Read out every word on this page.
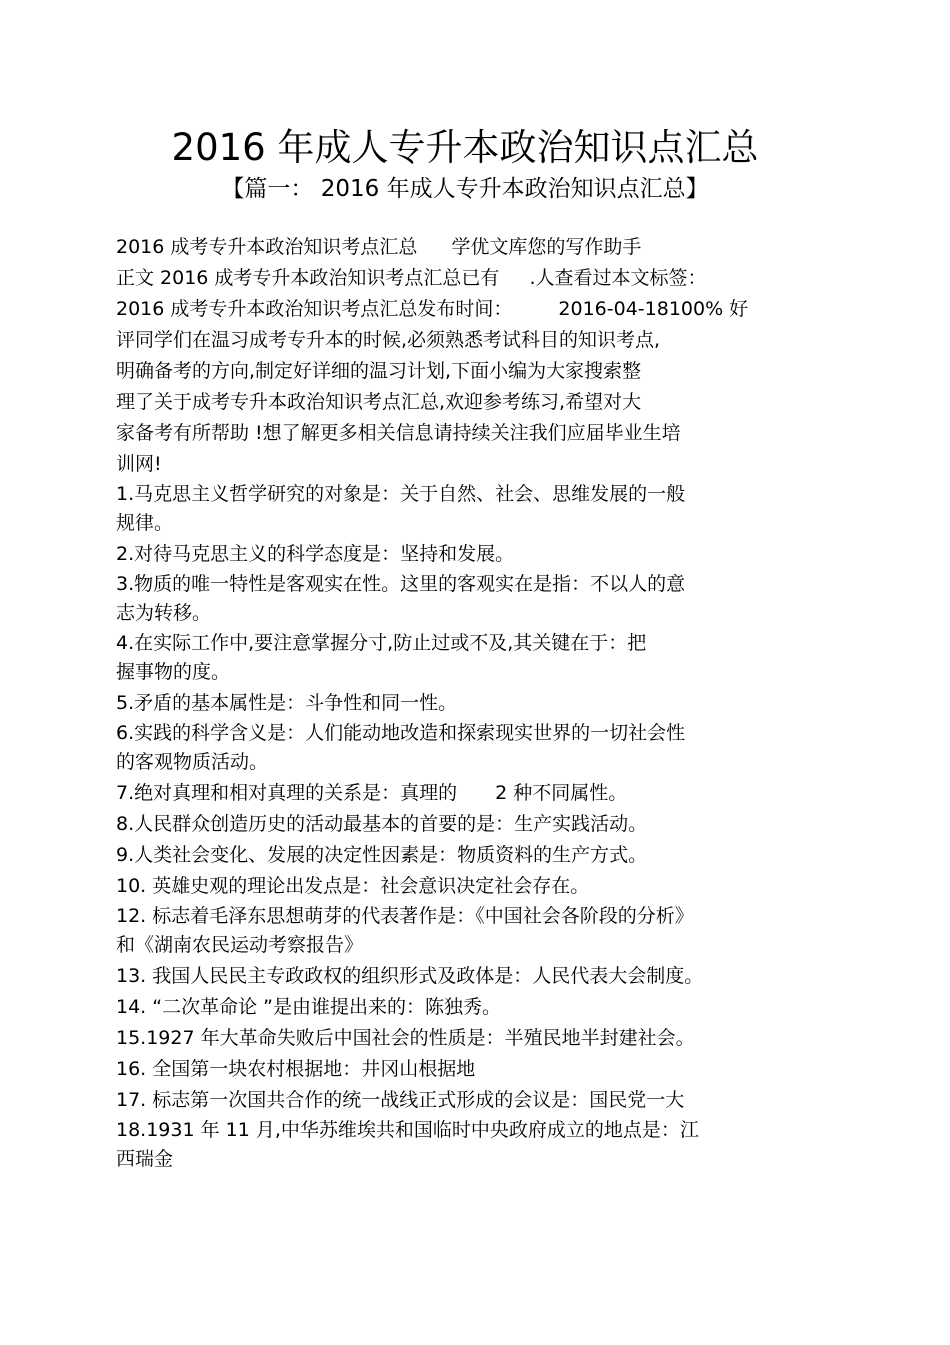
2016 年成人专升本政治知识点汇总
【篇一： 2016 年成人专升本政治知识点汇总】
2016 成考专升本政治知识考点汇总 学优文库您的写作助手
正文 2016 成考专升本政治知识考点汇总已有 .人查看过本文标签：
2016 成考专升本政治知识考点汇总发布时间： 2016-04-18100% 好
评同学们在温习成考专升本的时候,必须熟悉考试科目的知识考点,
明确备考的方向,制定好详细的温习计划,下面小编为大家搜索整
理了关于成考专升本政治知识考点汇总,欢迎参考练习,希望对大
家备考有所帮助 !想了解更多相关信息请持续关注我们应届毕业生培
训网!
1.马克思主义哲学研究的对象是：关于自然、社会、思维发展的一般
规律。
2.对待马克思主义的科学态度是：坚持和发展。
3.物质的唯一特性是客观实在性。这里的客观实在是指：不以人的意
志为转移。
4.在实际工作中,要注意掌握分寸,防止过或不及,其关键在于：把
握事物的度。
5.矛盾的基本属性是：斗争性和同一性。
6.实践的科学含义是：人们能动地改造和探索现实世界的一切社会性
的客观物质活动。
7.绝对真理和相对真理的关系是：真理的　　2 种不同属性。
8.人民群众创造历史的活动最基本的首要的是：生产实践活动。
9.人类社会变化、发展的决定性因素是：物质资料的生产方式。
10. 英雄史观的理论出发点是：社会意识决定社会存在。
12. 标志着毛泽东思想萌芽的代表著作是：《中国社会各阶段的分析》
和《湖南农民运动考察报告》
13. 我国人民民主专政政权的组织形式及政体是：人民代表大会制度。
14. “二次革命论 ”是由谁提出来的：陈独秀。
15.1927 年大革命失败后中国社会的性质是：半殖民地半封建社会。
16. 全国第一块农村根据地：井冈山根据地
17. 标志第一次国共合作的统一战线正式形成的会议是：国民党一大
18.1931 年 11 月,中华苏维埃共和国临时中央政府成立的地点是：江
西瑞金
